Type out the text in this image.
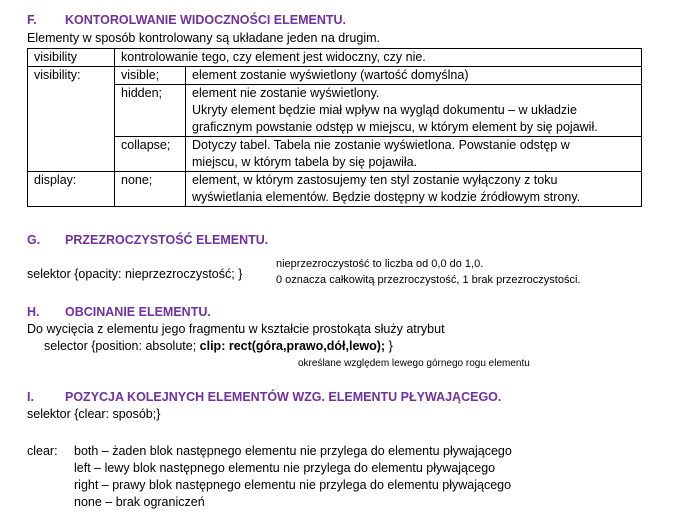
F. KONTOROLWANIE WIDOCZNOŚCI ELEMENTU.
Elementy w sposób kontrolowany są układane jeden na drugim.
visibility	kontrolowanie tego, czy element jest widoczny, czy nie.	
visibility:	visible;	element zostanie wyświetlony (wartość domyślna)
	hidden;	element nie zostanie wyświetlony.
Ukryty element będzie miał wpływ na wygląd dokumentu – w układzie
graficznym powstanie odstęp w miejscu, w którym element by się pojawił.

	collapse;	Dotyczy tabel. Tabela nie zostanie wyświetlona. Powstanie odstęp w
miejscu, w którym tabela by się pojawiła.

display:	none;	element, w którym zastosujemy ten styl zostanie wyłączony z toku
wyświetlania elementów. Będzie dostępny w kodzie źródłowym strony.
G. PRZEZROCZYSTOŚĆ ELEMENTU.
selektor {opacity: nieprzezroczystość; }
nieprzezroczystość to liczba od 0,0 do 1,0.
0 oznacza całkowitą przezroczystość, 1 brak przezroczystości.
H. OBCINANIE ELEMENTU.
Do wycięcia z elementu jego fragmentu w kształcie prostokąta służy atrybut
selector {position: absolute; clip: rect(góra,prawo,dół,lewo); }
określane względem lewego górnego rogu elementu
I. POZYCJA KOLEJNYCH ELEMENTÓW WZG. ELEMENTU PŁYWAJĄCEGO.
selektor {clear: sposób;}
clear: both – żaden blok następnego elementu nie przylega do elementu pływającego
left – lewy blok następnego elementu nie przylega do elementu pływającego
right – prawy blok następnego elementu nie przylega do elementu pływającego
none – brak ograniczeń
